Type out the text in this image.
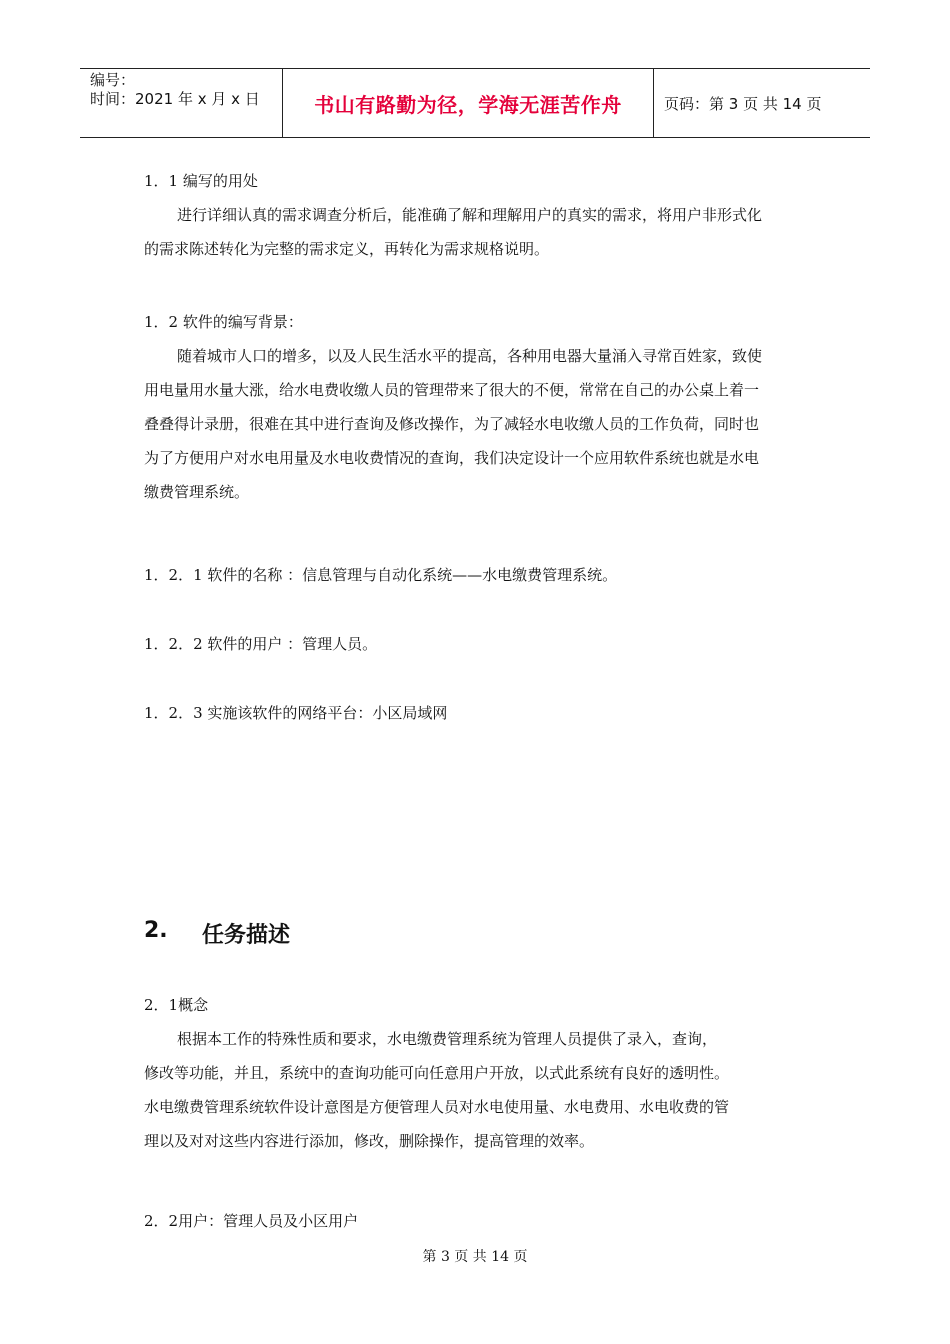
编号：
时间：2021 年 x 月 x 日	书山有路勤为径，学海无涯苦作舟	页码：第 3 页 共 14 页
1．1 编写的用处
进行详细认真的需求调查分析后，能准确了解和理解用户的真实的需求，将用户非形式化
的需求陈述转化为完整的需求定义，再转化为需求规格说明。
1．2 软件的编写背景：
随着城市人口的增多，以及人民生活水平的提高，各种用电器大量涌入寻常百姓家，致使
用电量用水量大涨，给水电费收缴人员的管理带来了很大的不便，常常在自己的办公桌上着一
叠叠得计录册，很难在其中进行查询及修改操作，为了减轻水电收缴人员的工作负荷，同时也
为了方便用户对水电用量及水电收费情况的查询，我们决定设计一个应用软件系统也就是水电
缴费管理系统。
1．2．1 软件的名称 ：信息管理与自动化系统——水电缴费管理系统。
1．2．2 软件的用户 ：管理人员。
1．2．3 实施该软件的网络平台：小区局域网
2.	任务描述
2．1概念
根据本工作的特殊性质和要求，水电缴费管理系统为管理人员提供了录入，查询，
修改等功能，并且，系统中的查询功能可向任意用户开放，以式此系统有良好的透明性。
水电缴费管理系统软件设计意图是方便管理人员对水电使用量、水电费用、水电收费的管
理以及对对这些内容进行添加，修改，删除操作，提高管理的效率。
2．2用户：管理人员及小区用户
第 3 页 共 14 页
